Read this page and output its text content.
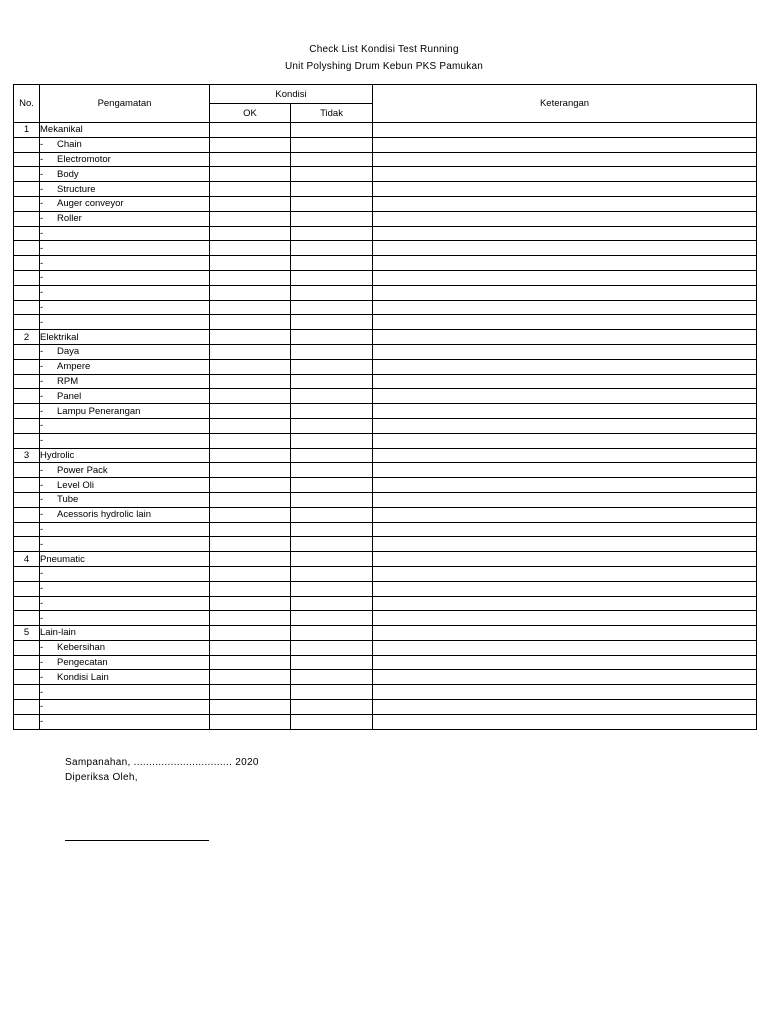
Check List Kondisi Test Running
Unit Polyshing Drum Kebun PKS Pamukan
No.	Pengamatan	Kondisi		Keterangan
		OK	Tidak	
1	Mekanikal			
	- Chain			
	- Electromotor			
	- Body			
	- Structure			
	- Auger conveyor			
	- Roller			
	-			
	-			
	-			
	-			
	-			
	-			
	-			
2	Elektrikal			
	- Daya			
	- Ampere			
	- RPM			
	- Panel			
	- Lampu Penerangan			
	-			
	-			
3	Hydrolic			
	- Power Pack			
	- Level Oli			
	- Tube			
	- Acessoris hydrolic lain			
	-			
	-			
4	Pneumatic			
	-			
	-			
	-			
	-			
5	Lain-lain			
	- Kebersihan			
	- Pengecatan			
	- Kondisi Lain			
	-			
	-			
	-			
Sampanahan, ................................ 2020
Diperiksa Oleh,
